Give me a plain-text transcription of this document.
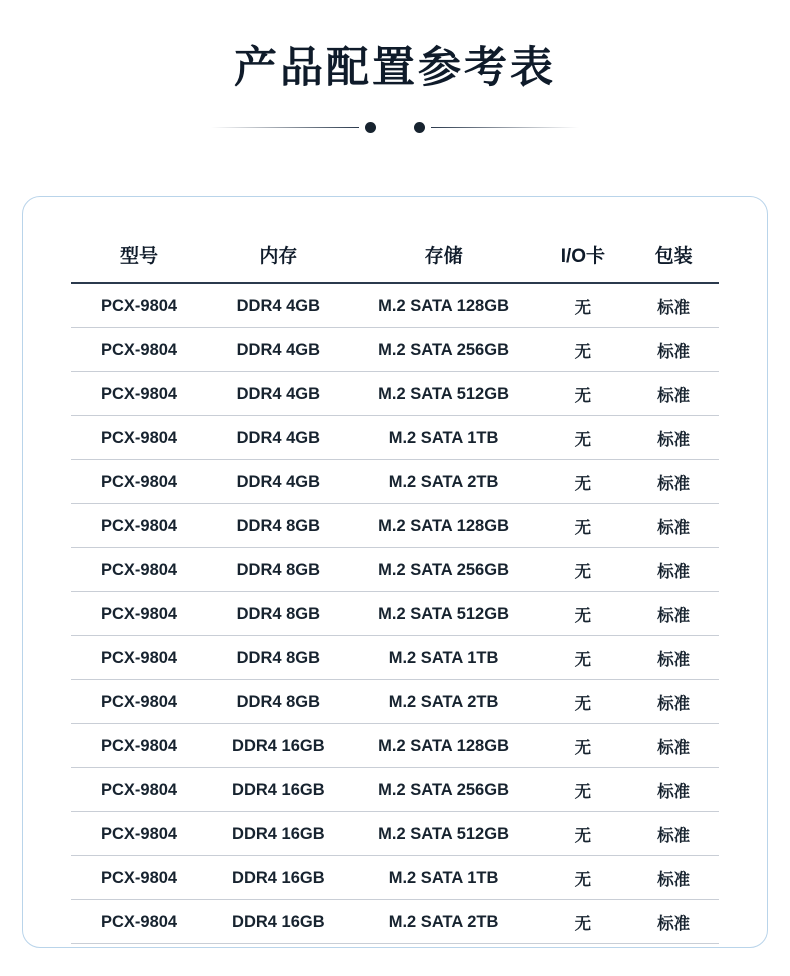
产品配置参考表
型号	内存	存储	I/O卡	包装
PCX-9804	DDR4 4GB	M.2 SATA 128GB	无	标准
PCX-9804	DDR4 4GB	M.2 SATA 256GB	无	标准
PCX-9804	DDR4 4GB	M.2 SATA 512GB	无	标准
PCX-9804	DDR4 4GB	M.2 SATA 1TB	无	标准
PCX-9804	DDR4 4GB	M.2 SATA 2TB	无	标准
PCX-9804	DDR4 8GB	M.2 SATA 128GB	无	标准
PCX-9804	DDR4 8GB	M.2 SATA 256GB	无	标准
PCX-9804	DDR4 8GB	M.2 SATA 512GB	无	标准
PCX-9804	DDR4 8GB	M.2 SATA 1TB	无	标准
PCX-9804	DDR4 8GB	M.2 SATA 2TB	无	标准
PCX-9804	DDR4 16GB	M.2 SATA 128GB	无	标准
PCX-9804	DDR4 16GB	M.2 SATA 256GB	无	标准
PCX-9804	DDR4 16GB	M.2 SATA 512GB	无	标准
PCX-9804	DDR4 16GB	M.2 SATA 1TB	无	标准
PCX-9804	DDR4 16GB	M.2 SATA 2TB	无	标准
